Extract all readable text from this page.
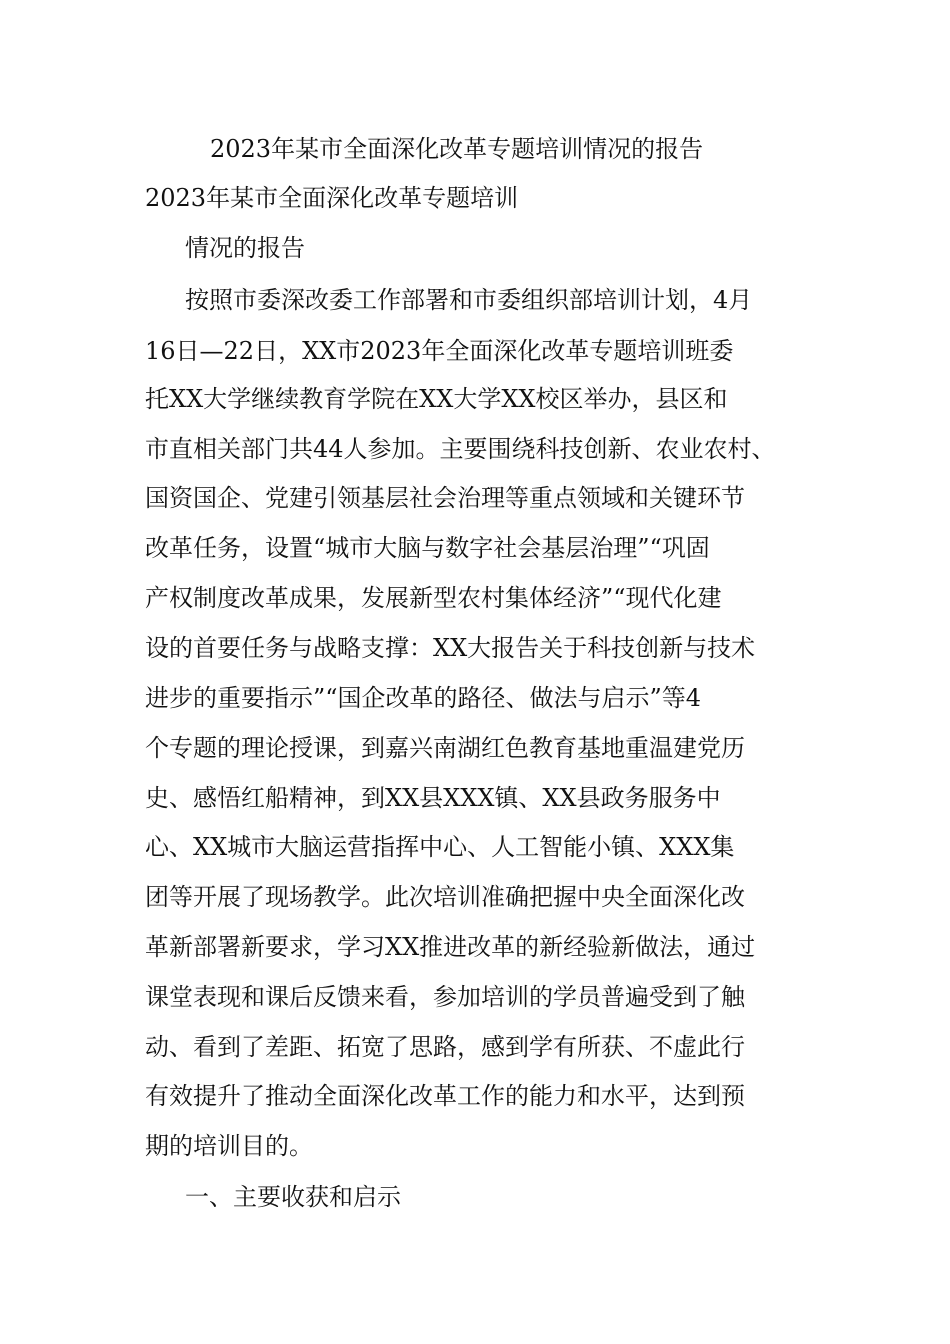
2023年某市全面深化改革专题培训情况的报告
2023年某市全面深化改革专题培训
情况的报告
按照市委深改委工作部署和市委组织部培训计划，4月
16日—22日，XX市2023年全面深化改革专题培训班委
托XX大学继续教育学院在XX大学XX校区举办，县区和
市直相关部门共44人参加。主要围绕科技创新、农业农村、
国资国企、党建引领基层社会治理等重点领域和关键环节
改革任务，设置“城市大脑与数字社会基层治理”“巩固
产权制度改革成果，发展新型农村集体经济”“现代化建
设的首要任务与战略支撑：XX大报告关于科技创新与技术
进步的重要指示”“国企改革的路径、做法与启示”等4
个专题的理论授课，到嘉兴南湖红色教育基地重温建党历
史、感悟红船精神，到XX县XXX镇、XX县政务服务中
心、XX城市大脑运营指挥中心、人工智能小镇、XXX集
团等开展了现场教学。此次培训准确把握中央全面深化改
革新部署新要求，学习XX推进改革的新经验新做法，通过
课堂表现和课后反馈来看，参加培训的学员普遍受到了触
动、看到了差距、拓宽了思路，感到学有所获、不虚此行
有效提升了推动全面深化改革工作的能力和水平，达到预
期的培训目的。
一、主要收获和启示
